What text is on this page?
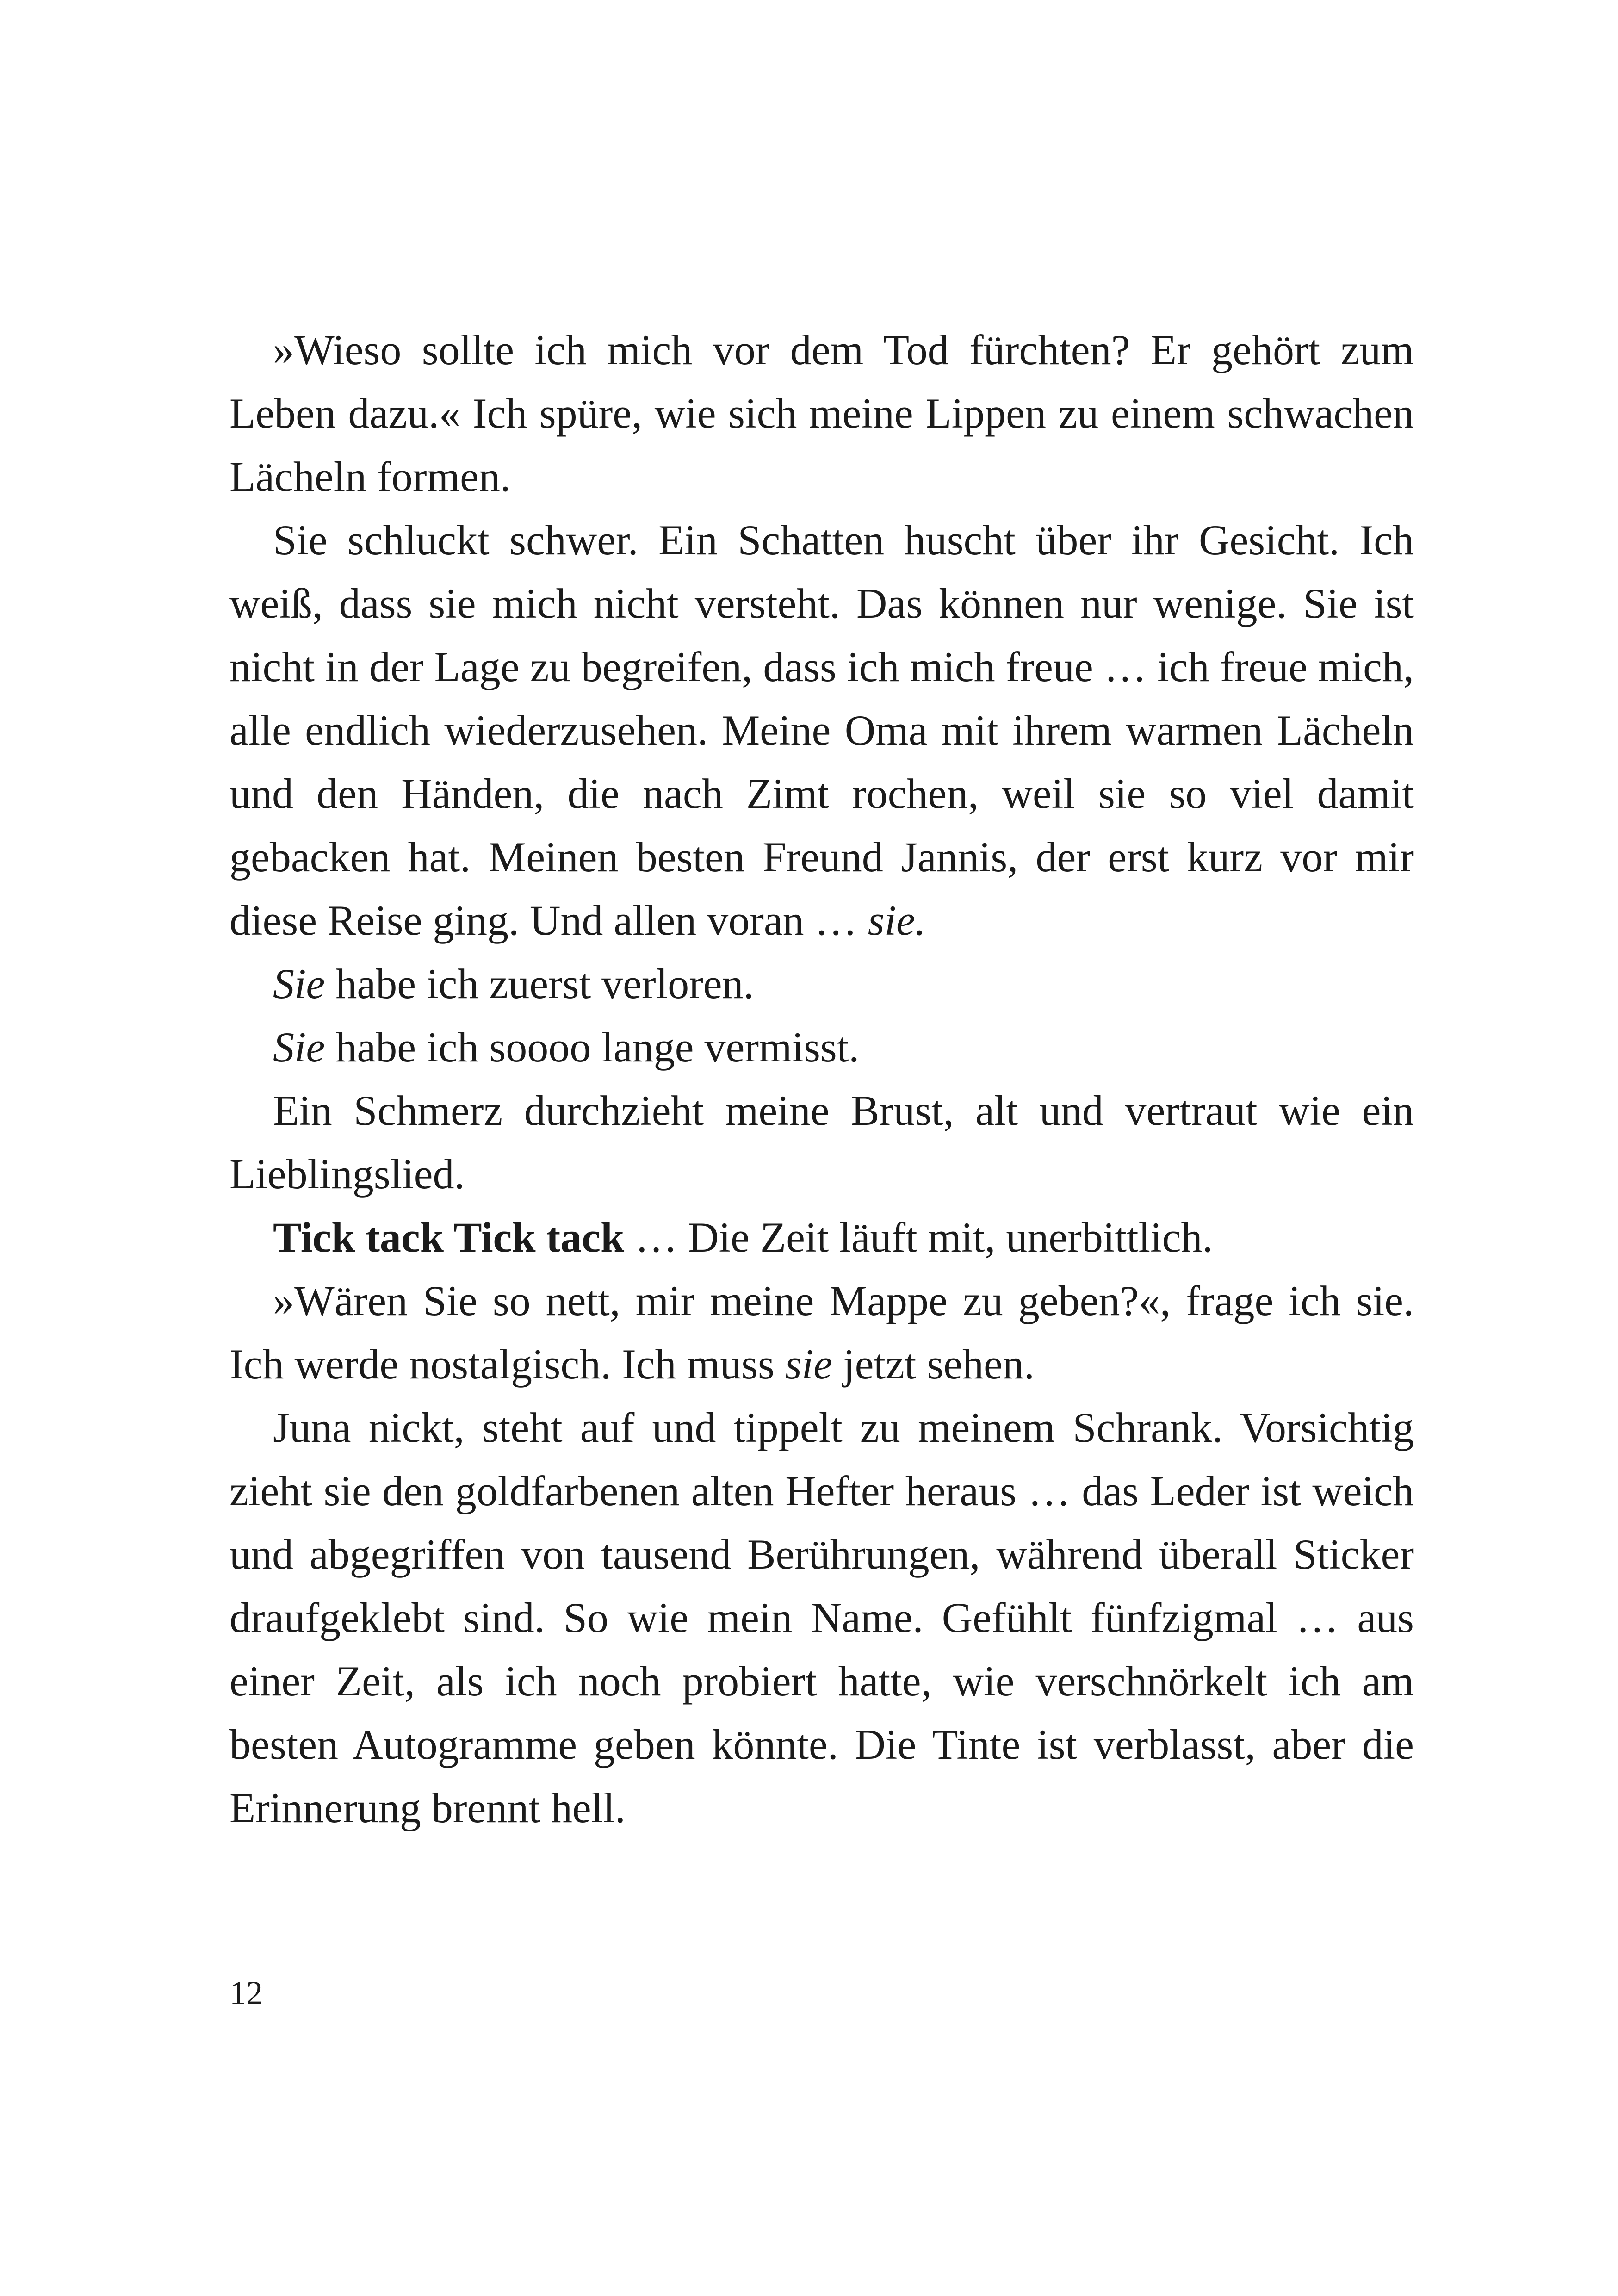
»Wieso sollte ich mich vor dem Tod fürchten? Er gehört zum Leben dazu.« Ich spüre, wie sich meine Lippen zu einem schwachen Lächeln formen.

Sie schluckt schwer. Ein Schatten huscht über ihr Gesicht. Ich weiß, dass sie mich nicht versteht. Das können nur wenige. Sie ist nicht in der Lage zu begreifen, dass ich mich freue … ich freue mich, alle endlich wiederzusehen. Meine Oma mit ihrem warmen Lächeln und den Händen, die nach Zimt rochen, weil sie so viel damit gebacken hat. Meinen besten Freund Jannis, der erst kurz vor mir diese Reise ging. Und allen voran … sie.

Sie habe ich zuerst verloren.

Sie habe ich soooo lange vermisst.

Ein Schmerz durchzieht meine Brust, alt und vertraut wie ein Lieblingslied.

Tick tack Tick tack … Die Zeit läuft mit, unerbittlich.

»Wären Sie so nett, mir meine Mappe zu geben?«, frage ich sie. Ich werde nostalgisch. Ich muss sie jetzt sehen.

Juna nickt, steht auf und tippelt zu meinem Schrank. Vorsichtig zieht sie den goldfarbenen alten Hefter heraus … das Leder ist weich und abgegriffen von tausend Berührungen, während überall Sticker draufgeklebt sind. So wie mein Name. Gefühlt fünfzigmal … aus einer Zeit, als ich noch probiert hatte, wie verschnörkelt ich am besten Autogramme geben könnte. Die Tinte ist verblasst, aber die Erinnerung brennt hell.

12
